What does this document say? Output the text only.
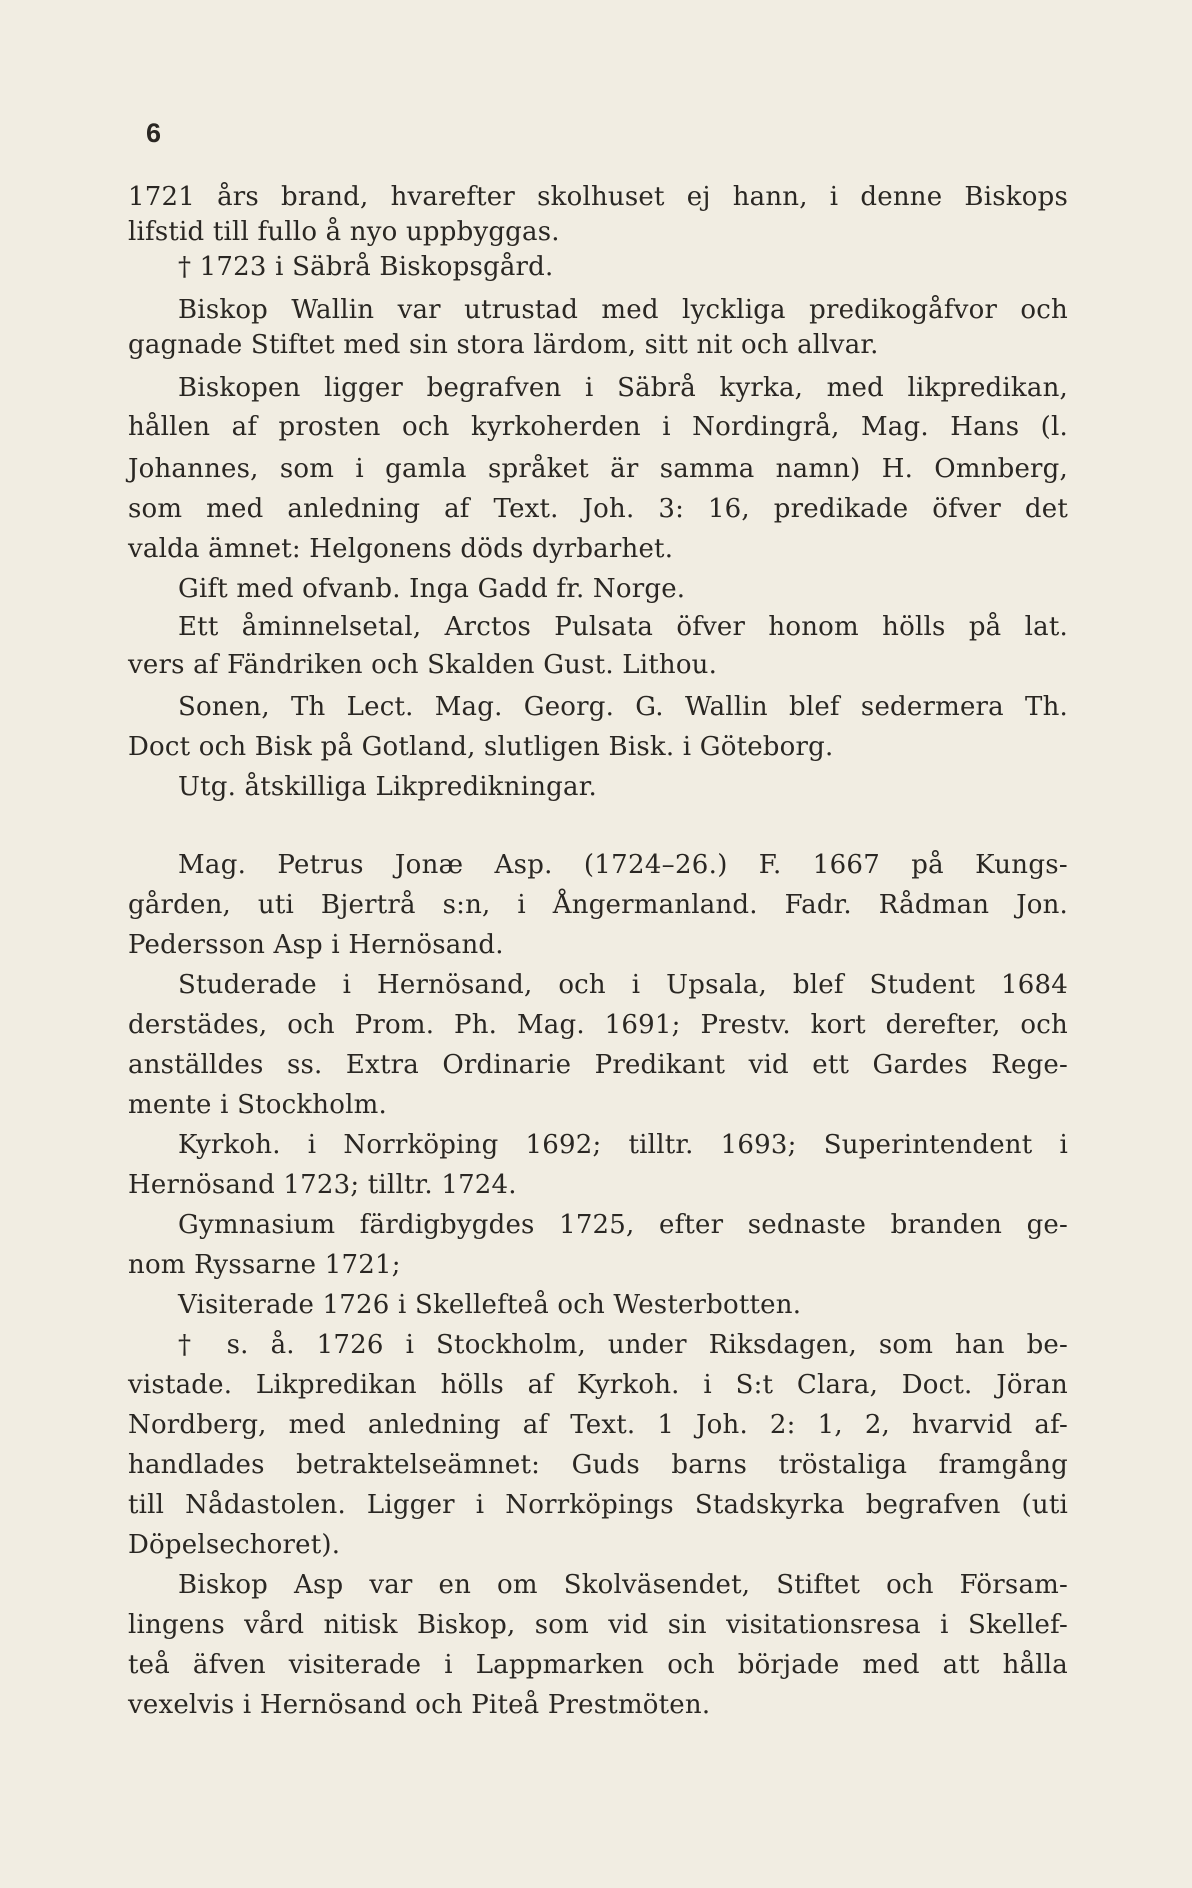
6
1721 års brand, hvarefter skolhuset ej hann, i denne Biskops
lifstid till fullo å nyo uppbyggas.
† 1723 i Säbrå Biskopsgård.
Biskop Wallin var utrustad med lyckliga predikogåfvor och
gagnade Stiftet med sin stora lärdom, sitt nit och allvar.
Biskopen ligger begrafven i Säbrå kyrka, med likpredikan,
hållen af prosten och kyrkoherden i Nordingrå, Mag. Hans (l.
Johannes, som i gamla språket är samma namn) H. Omnberg,
som med anledning af Text. Joh. 3: 16, predikade öfver det
valda ämnet: Helgonens döds dyrbarhet.
Gift med ofvanb. Inga Gadd fr. Norge.
Ett åminnelsetal, Arctos Pulsata öfver honom hölls på lat.
vers af Fändriken och Skalden Gust. Lithou.
Sonen, Th Lect. Mag. Georg. G. Wallin blef sedermera Th.
Doct och Bisk på Gotland, slutligen Bisk. i Göteborg.
Utg. åtskilliga Likpredikningar.
Mag. Petrus Jonæ Asp. (1724–26.) F. 1667 på Kungs-
gården, uti Bjertrå s:n, i Ångermanland. Fadr. Rådman Jon.
Pedersson Asp i Hernösand.
Studerade i Hernösand, och i Upsala, blef Student 1684
derstädes, och Prom. Ph. Mag. 1691; Prestv. kort derefter, och
anställdes ss. Extra Ordinarie Predikant vid ett Gardes Rege-
mente i Stockholm.
Kyrkoh. i Norrköping 1692; tilltr. 1693; Superintendent i
Hernösand 1723; tilltr. 1724.
Gymnasium färdigbygdes 1725, efter sednaste branden ge-
nom Ryssarne 1721;
Visiterade 1726 i Skellefteå och Westerbotten.
† s. å. 1726 i Stockholm, under Riksdagen, som han be-
vistade. Likpredikan hölls af Kyrkoh. i S:t Clara, Doct. Jöran
Nordberg, med anledning af Text. 1 Joh. 2: 1, 2, hvarvid af-
handlades betraktelseämnet: Guds barns tröstaliga framgång
till Nådastolen. Ligger i Norrköpings Stadskyrka begrafven (uti
Döpelsechoret).
Biskop Asp var en om Skolväsendet, Stiftet och Försam-
lingens vård nitisk Biskop, som vid sin visitationsresa i Skellef-
teå äfven visiterade i Lappmarken och började med att hålla
vexelvis i Hernösand och Piteå Prestmöten.
